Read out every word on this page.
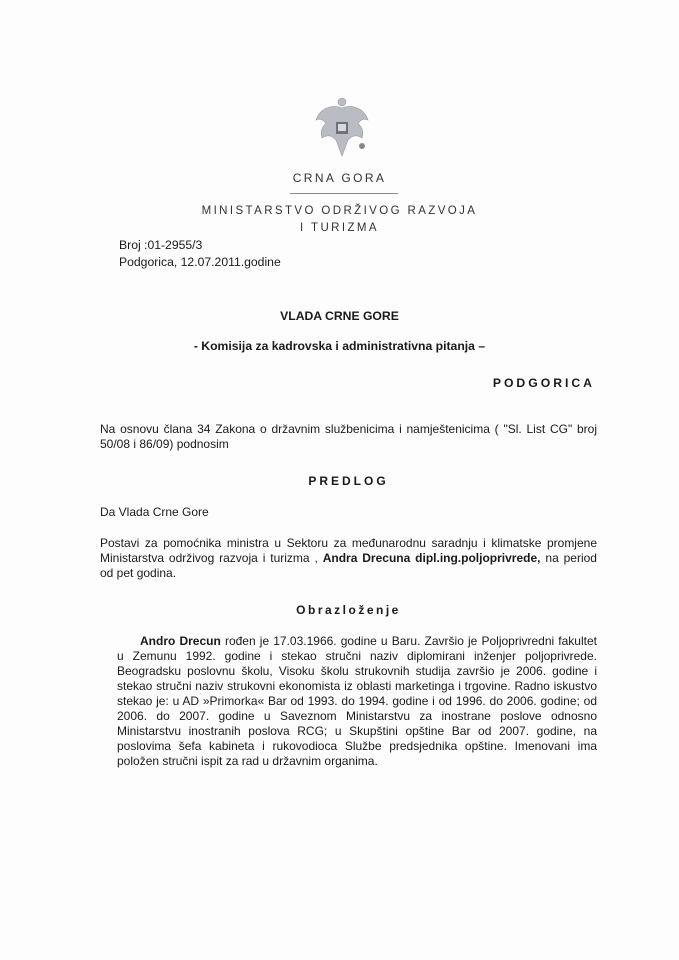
CRNA GORA
MINISTARSTVO ODRŽIVOG RAZVOJA
I TURIZMA
Broj :01-2955/3
Podgorica, 12.07.2011.godine
VLADA CRNE GORE
- Komisija za kadrovska i administrativna pitanja –
PODGORICA
Na osnovu člana 34 Zakona o državnim službenicima i namještenicima ( "Sl. List CG" broj 50/08 i 86/09) podnosim
PREDLOG
Da Vlada Crne Gore
Postavi za pomoćnika ministra u Sektoru za međunarodnu saradnju i klimatske promjene Ministarstva održivog razvoja i turizma , Andra Drecuna dipl.ing.poljoprivrede, na period od pet godina.
Obrazloženje
Andro Drecun rođen je 17.03.1966. godine u Baru. Završio je Poljoprivredni fakultet u Zemunu 1992. godine i stekao stručni naziv diplomirani inženjer poljoprivrede. Beogradsku poslovnu školu, Visoku školu strukovnih studija završio je 2006. godine i stekao stručni naziv strukovni ekonomista iz oblasti marketinga i trgovine. Radno iskustvo stekao je: u AD »Primorka« Bar od 1993. do 1994. godine i od 1996. do 2006. godine; od 2006. do 2007. godine u Saveznom Ministarstvu za inostrane poslove odnosno Ministarstvu inostranih poslova RCG; u Skupštini opštine Bar od 2007. godine, na poslovima šefa kabineta i rukovodioca Službe predsjednika opštine. Imenovani ima položen stručni ispit za rad u državnim organima.
